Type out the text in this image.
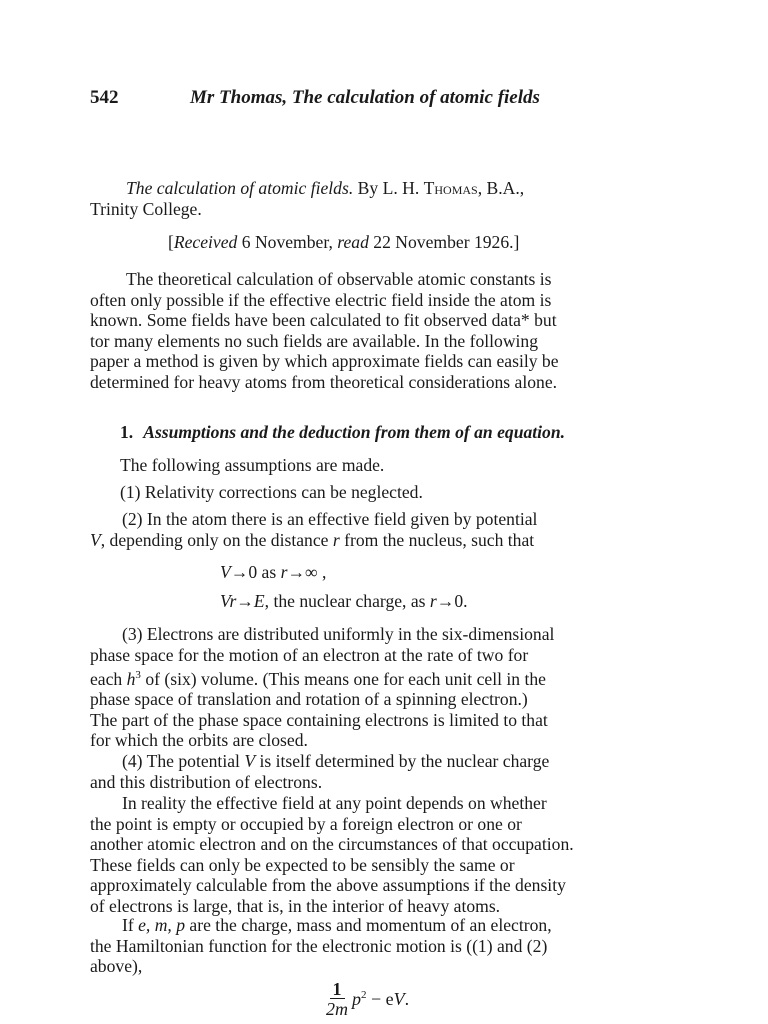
542	Mr Thomas, The calculation of atomic fields
The calculation of atomic fields. By L. H. Thomas, B.A.,
Trinity College.
[Received 6 November, read 22 November 1926.]
The theoretical calculation of observable atomic constants is
often only possible if the effective electric field inside the atom is
known. Some fields have been calculated to fit observed data* but
tor many elements no such fields are available. In the following
paper a method is given by which approximate fields can easily be
determined for heavy atoms from theoretical considerations alone.
1. Assumptions and the deduction from them of an equation.
The following assumptions are made.
(1) Relativity corrections can be neglected.
(2) In the atom there is an effective field given by potential
V, depending only on the distance r from the nucleus, such that
V→0 as r→∞ ,
Vr→E, the nuclear charge, as r→0.
(3) Electrons are distributed uniformly in the six-dimensional
phase space for the motion of an electron at the rate of two for
each $h^3$ of (six) volume. (This means one for each unit cell in the
phase space of translation and rotation of a spinning electron.)
The part of the phase space containing electrons is limited to that
for which the orbits are closed.
(4) The potential V is itself determined by the nuclear charge
and this distribution of electrons.
In reality the effective field at any point depends on whether
the point is empty or occupied by a foreign electron or one or
another atomic electron and on the circumstances of that occupation.
These fields can only be expected to be sensibly the same or
approximately calculable from the above assumptions if the density
of electrons is large, that is, in the interior of heavy atoms.
If e, m, p are the charge, mass and momentum of an electron,
the Hamiltonian function for the electronic motion is ((1) and (2)
above),
$\frac{1}{2m} p^2$ − eV.
